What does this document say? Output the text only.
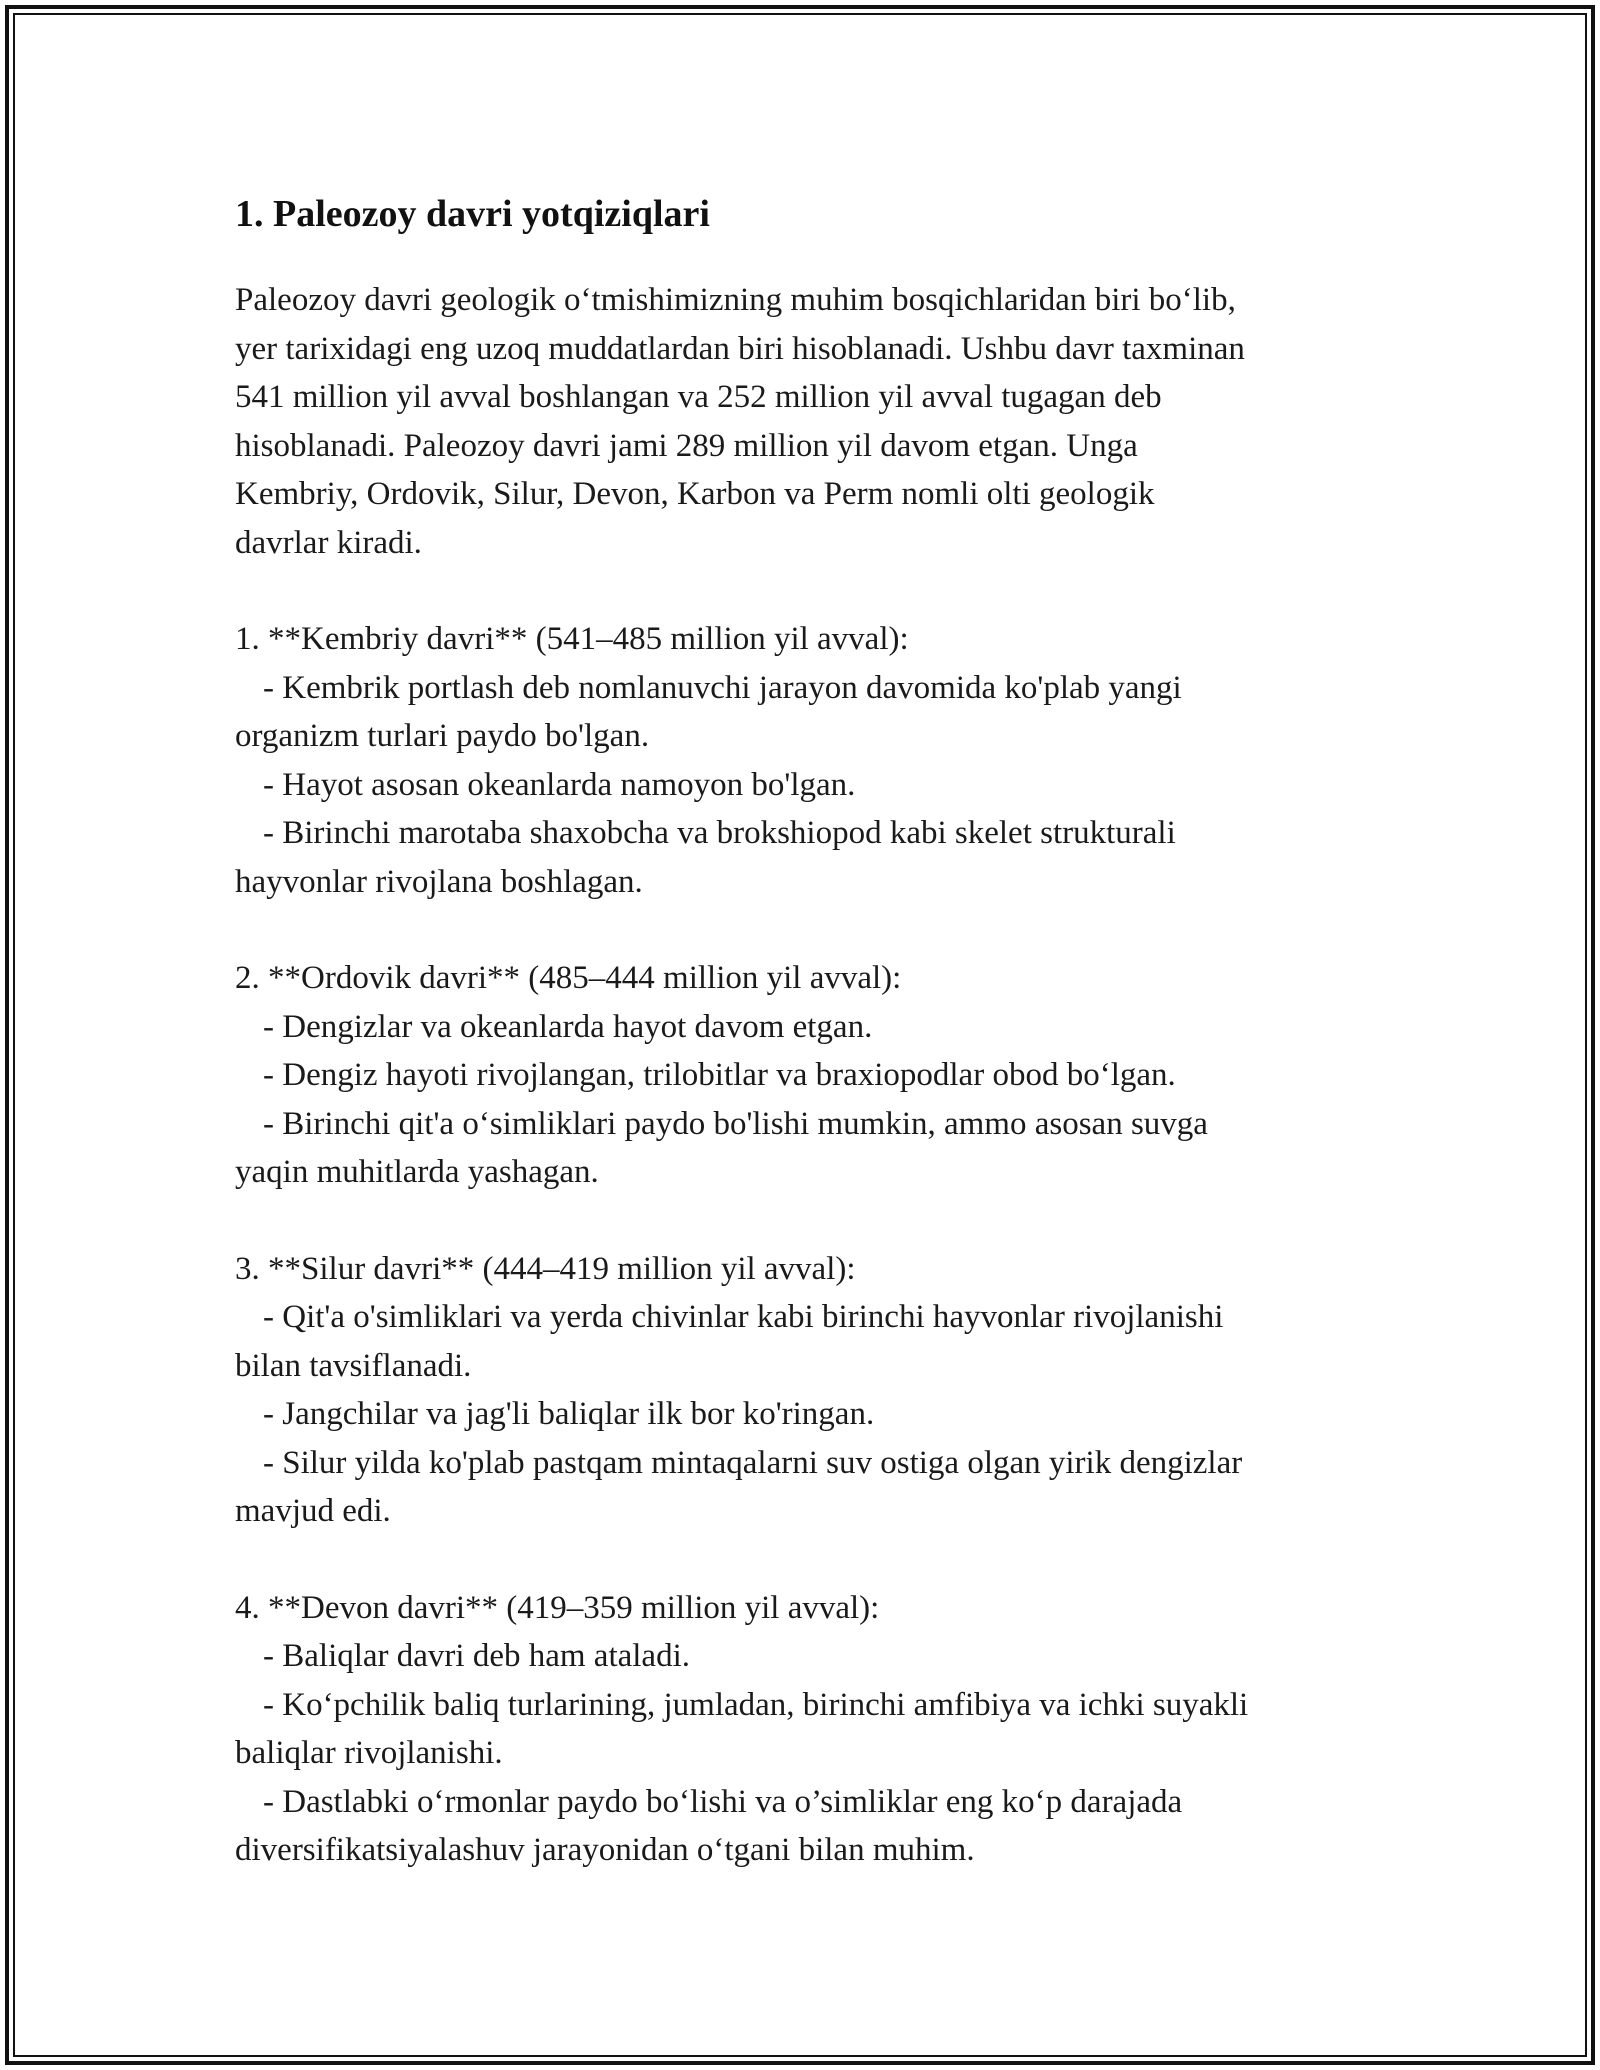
1. Paleozoy davri yotqiziqlari
Paleozoy davri geologik o‘tmishimizning muhim bosqichlaridan biri bo‘lib,
yer tarixidagi eng uzoq muddatlardan biri hisoblanadi. Ushbu davr taxminan
541 million yil avval boshlangan va 252 million yil avval tugagan deb
hisoblanadi. Paleozoy davri jami 289 million yil davom etgan. Unga
Kembriy, Ordovik, Silur, Devon, Karbon va Perm nomli olti geologik
davrlar kiradi.
1. **Kembriy davri** (541–485 million yil avval):
- Kembrik portlash deb nomlanuvchi jarayon davomida ko'plab yangi
organizm turlari paydo bo'lgan.
- Hayot asosan okeanlarda namoyon bo'lgan.
- Birinchi marotaba shaxobcha va brokshiopod kabi skelet strukturali
hayvonlar rivojlana boshlagan.
2. **Ordovik davri** (485–444 million yil avval):
- Dengizlar va okeanlarda hayot davom etgan.
- Dengiz hayoti rivojlangan, trilobitlar va braxiopodlar obod bo‘lgan.
- Birinchi qit'a o‘simliklari paydo bo'lishi mumkin, ammo asosan suvga
yaqin muhitlarda yashagan.
3. **Silur davri** (444–419 million yil avval):
- Qit'a o'simliklari va yerda chivinlar kabi birinchi hayvonlar rivojlanishi
bilan tavsiflanadi.
- Jangchilar va jag'li baliqlar ilk bor ko'ringan.
- Silur yilda ko'plab pastqam mintaqalarni suv ostiga olgan yirik dengizlar
mavjud edi.
4. **Devon davri** (419–359 million yil avval):
- Baliqlar davri deb ham ataladi.
- Ko‘pchilik baliq turlarining, jumladan, birinchi amfibiya va ichki suyakli
baliqlar rivojlanishi.
- Dastlabki o‘rmonlar paydo bo‘lishi va o’simliklar eng ko‘p darajada
diversifikatsiyalashuv jarayonidan o‘tgani bilan muhim.
